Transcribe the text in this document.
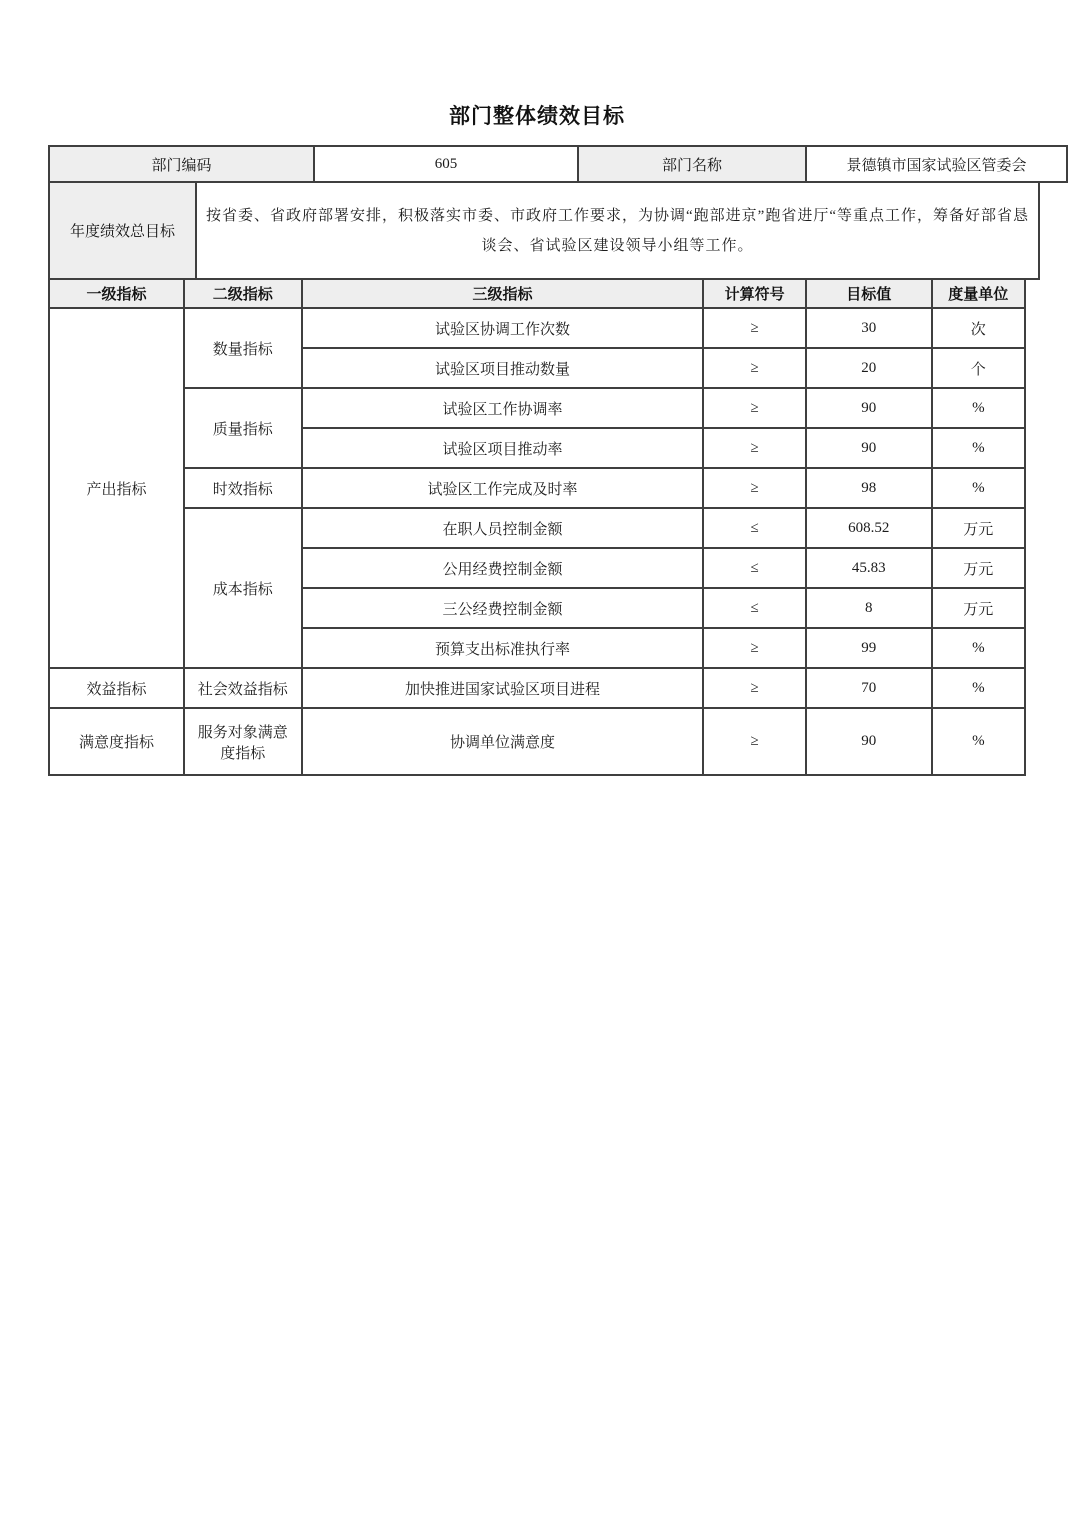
部门整体绩效目标
部门编码	605	部门名称	景德镇市国家试验区管委会
年度绩效总目标	按省委、省政府部署安排，积极落实市委、市政府工作要求，为协调“跑部进京”跑省进厅“等重点工作，筹备好部省恳谈会、省试验区建设领导小组等工作。
一级指标	二级指标	三级指标	计算符号	目标值	度量单位
产出指标	数量指标	试验区协调工作次数	≥	30	次
		试验区项目推动数量	≥	20	个
	质量指标	试验区工作协调率	≥	90	%
		试验区项目推动率	≥	90	%
	时效指标	试验区工作完成及时率	≥	98	%
	成本指标	在职人员控制金额	≤	608.52	万元
		公用经费控制金额	≤	45.83	万元
		三公经费控制金额	≤	8	万元
		预算支出标准执行率	≥	99	%
效益指标	社会效益指标	加快推进国家试验区项目进程	≥	70	%
满意度指标	服务对象满意度指标	协调单位满意度	≥	90	%
